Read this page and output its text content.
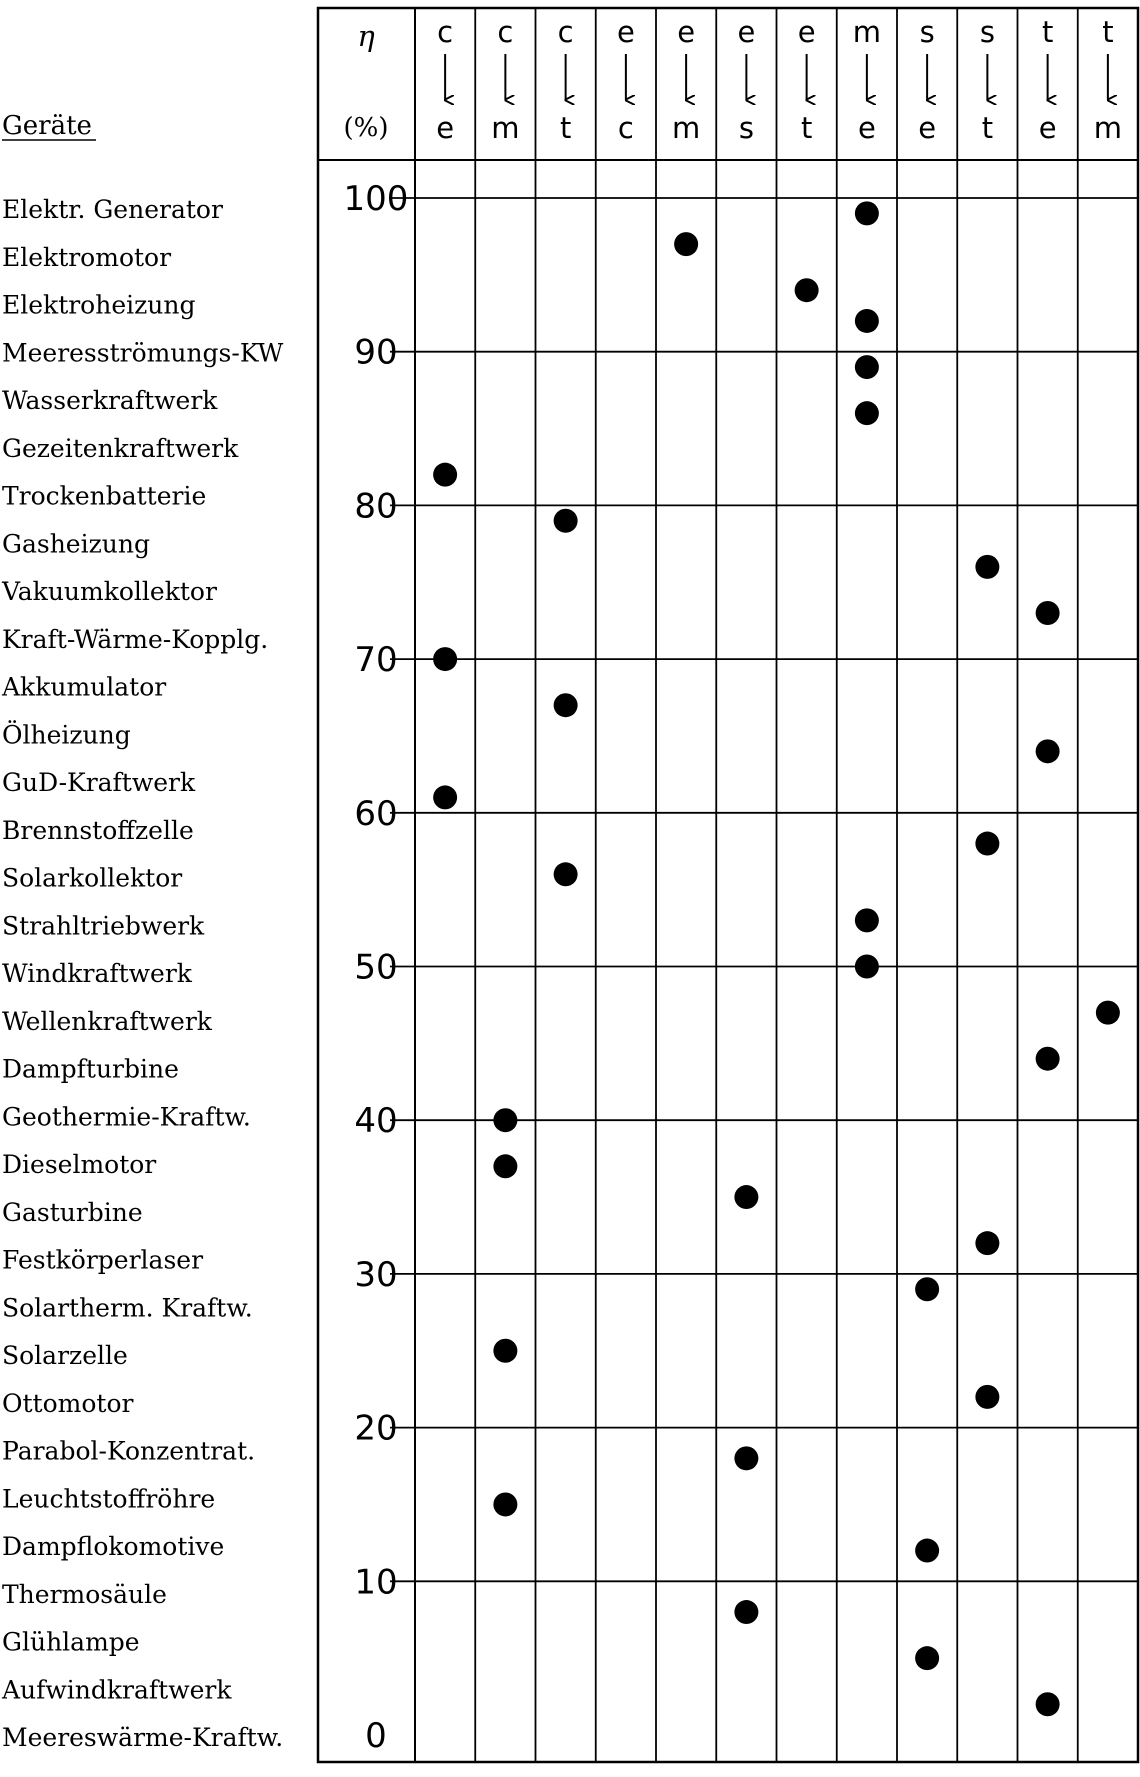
0
10
20
30
40
50
60
70
80
90
100
η
(%)
Geräte
c
e
c
m
c
t
e
c
e
m
e
s
e
t
m
e
s
e
s
t
t
e
t
m
Elektr. Generator
Elektromotor
Elektroheizung
Meeresströmungs-KW
Wasserkraftwerk
Gezeitenkraftwerk
Trockenbatterie
Gasheizung
Vakuumkollektor
Kraft-Wärme-Kopplg.
Akkumulator
Ölheizung
GuD-Kraftwerk
Brennstoffzelle
Solarkollektor
Strahltriebwerk
Windkraftwerk
Wellenkraftwerk
Dampfturbine
Geothermie-Kraftw.
Dieselmotor
Gasturbine
Festkörperlaser
Solartherm. Kraftw.
Solarzelle
Ottomotor
Parabol-Konzentrat.
Leuchtstoffröhre
Dampflokomotive
Thermosäule
Glühlampe
Aufwindkraftwerk
Meereswärme-Kraftw.
